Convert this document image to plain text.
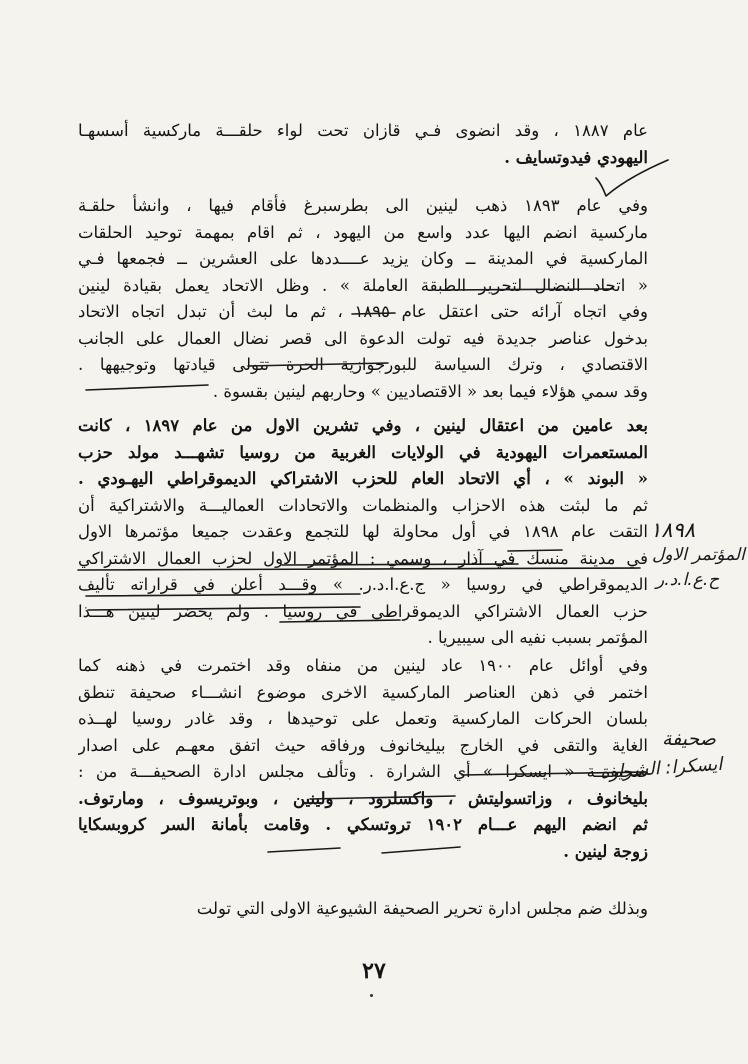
عام ١٨٨٧ ، وقد انضوى فـي قازان تحت لواء حلقـــة ماركسية أسسهـا
اليهودي فيدوتسايف .
وفي عام ١٨٩٣ ذهب لينين الى بطرسبرغ فأقام فيها ، وانشأ حلقـة
ماركسية انضم اليها عدد واسع من اليهود ، ثم اقام بمهمة توحيد الحلقات
الماركسية في المدينة ــ وكان يزيد عــــددها على العشرين ــ فجمعها فـي
« اتحاد النضال لتحرير الطبقة العاملة » . وظل الاتحاد يعمل بقيادة لينين
وفي اتجاه آرائه حتى اعتقل عام ١٨٩٥ ، ثم ما لبث أن تبدل اتجاه الاتحاد
بدخول عناصر جديدة فيه تولت الدعوة الى قصر نضال العمال على الجانب
الاقتصادي ، وترك السياسة للبورجوازية الحرة تتولى قيادتها وتوجيهها .
وقد سمي هؤلاء فيما بعد « الاقتصاديين » وحاربهم لينين بقسوة .
بعد عامين من اعتقال لينين ، وفي تشرين الاول من عام ١٨٩٧ ، كانت
المستعمرات اليهودية في الولايات الغربية من روسيا تشهـــد مولد حزب
« البوند » ، أي الاتحاد العام للحزب الاشتراكي الديموقراطي اليهـودي .
ثم ما لبثت هذه الاحزاب والمنظمات والاتحادات العماليـــة والاشتراكية أن
التقت عام ١٨٩٨ في أول محاولة لها للتجمع وعقدت جميعا مؤتمرها الاول
في مدينة منسك في آذار ، وسمي : المؤتمر الاول لحزب العمال الاشتراكي
الديموقراطي في روسيا « ج.ع.ا.د.ر. » وقـــد أعلن في قراراته تأليف
حزب العمال الاشتراكي الديموقراطي في روسيا . ولم يحضر لينين هـــذا
المؤتمر بسبب نفيه الى سيبيريا .
وفي أوائل عام ١٩٠٠ عاد لينين من منفاه وقد اختمرت في ذهنه كما
اختمر في ذهن العناصر الماركسية الاخرى موضوع انشـــاء صحيفة تنطق
بلسان الحركات الماركسية وتعمل على توحيدها ، وقد غادر روسيا لهــذه
الغاية والتقى في الخارج بيليخانوف ورفاقه حيث اتفق معهـم على اصدار
صحيفـــة « ايسكرا » أي الشرارة . وتألف مجلس ادارة الصحيفـــة من :
بليخانوف ، وزاتسوليتش ، واكسلرود ، ولينين ، وبوتريسوف ، ومارتوف.
ثم انضم اليهم عـــام ١٩٠٢ تروتسكي . وقامت بأمانة السر كروبسكايا
زوجة لينين .
وبذلك ضم مجلس ادارة تحرير الصحيفة الشيوعية الاولى التي تولت
١٨٩٨
المؤتمر الاول
ح.ع.ا.د.ر
صحيفة
ايسكرا: الشرارة
٢٧
